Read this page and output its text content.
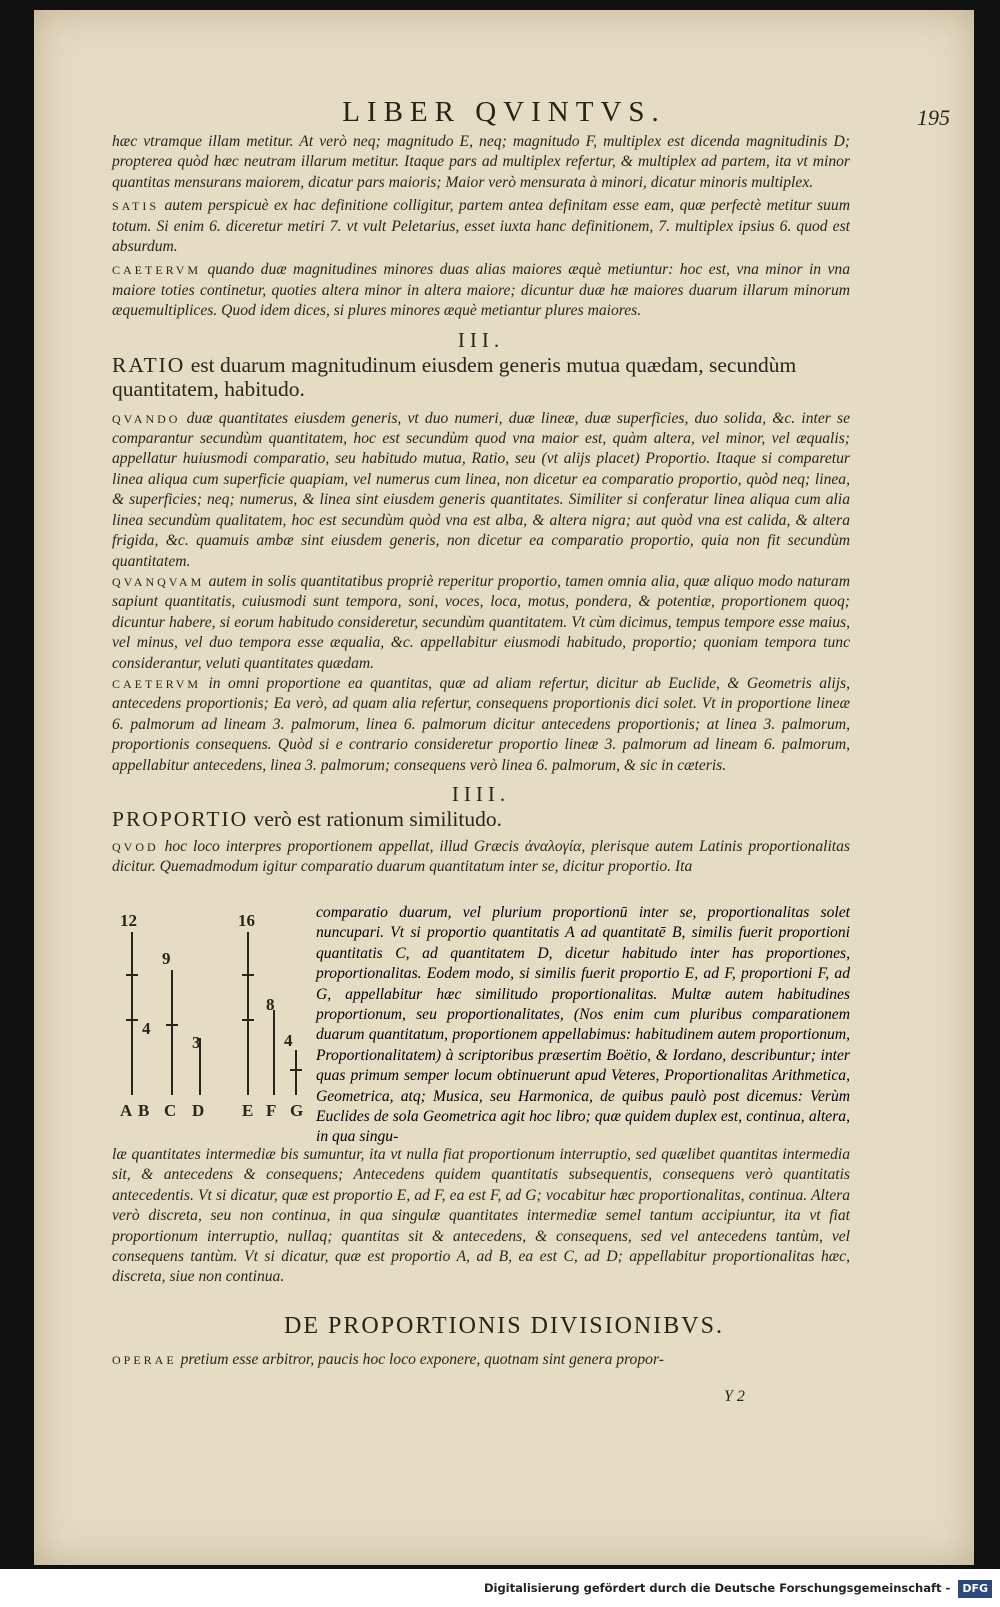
LIBER QVINTVS.	195

hæc vtramque illam metitur. At verò neq; magnitudo E, neq; magnitudo F, multiplex est dicenda magnitudinis D; propterea quòd hæc neutram illarum metitur. Itaque pars ad multiplex refertur, & multiplex ad partem, ita vt minor quantitas mensurans maiorem, dicatur pars maioris; Maior verò mensurata à minori, dicatur minoris multiplex.

SATIS autem perspicuè ex hac definitione colligitur, partem antea definitam esse eam, quæ perfectè metitur suum totum. Si enim 6. diceretur metiri 7. vt vult Peletarius, esset iuxta hanc definitionem, 7. multiplex ipsius 6. quod est absurdum.

CAETERVM quando duæ magnitudines minores duas alias maiores æquè metiuntur: hoc est, vna minor in vna maiore toties continetur, quoties altera minor in altera maiore; dicuntur duæ hæ maiores duarum illarum minorum æquemultiplices. Quod idem dices, si plures minores æquè metiantur plures maiores.

III.

RATIO est duarum magnitudinum eiusdem generis mutua quædam, secundùm quantitatem, habitudo.

QVANDO duæ quantitates eiusdem generis, vt duo numeri, duæ lineæ, duæ superficies, duo solida, &c. inter se comparantur secundùm quantitatem, hoc est secundùm quod vna maior est, quàm altera, vel minor, vel æqualis; appellatur huiusmodi comparatio, seu habitudo mutua, Ratio, seu (vt alijs placet) Proportio. Itaque si comparetur linea aliqua cum superficie quapiam, vel numerus cum linea, non dicetur ea comparatio proportio, quòd neq; linea, & superficies; neq; numerus, & linea sint eiusdem generis quantitates. Similiter si conferatur linea aliqua cum alia linea secundùm qualitatem, hoc est secundùm quòd vna est alba, & altera nigra; aut quòd vna est calida, & altera frigida, &c. quamuis ambæ sint eiusdem generis, non dicetur ea comparatio proportio, quia non fit secundùm quantitatem.

QVANQVAM autem in solis quantitatibus propriè reperitur proportio, tamen omnia alia, quæ aliquo modo naturam sapiunt quantitatis, cuiusmodi sunt tempora, soni, voces, loca, motus, pondera, & potentiæ, proportionem quoq; dicuntur habere, si eorum habitudo consideretur, secundùm quantitatem. Vt cùm dicimus, tempus tempore esse maius, vel minus, vel duo tempora esse æqualia, &c. appellabitur eiusmodi habitudo, proportio; quoniam tempora tunc considerantur, veluti quantitates quædam.

CAETERVM in omni proportione ea quantitas, quæ ad aliam refertur, dicitur ab Euclide, & Geometris alijs, antecedens proportionis; Ea verò, ad quam alia refertur, consequens proportionis dici solet. Vt in proportione lineæ 6. palmorum ad lineam 3. palmorum, linea 6. palmorum dicitur antecedens proportionis; at linea 3. palmorum, proportionis consequens. Quòd si e contrario consideretur proportio lineæ 3. palmorum ad lineam 6. palmorum, appellabitur antecedens, linea 3. palmorum; consequens verò linea 6. palmorum, & sic in cæteris.

IIII.

PROPORTIO verò est rationum similitudo.

QVOD hoc loco interpres proportionem appellat, illud Græcis ἀναλογία, plerisque autem Latinis proportionalitas dicitur. Quemadmodum igitur comparatio duarum quantitatum inter se, dicitur proportio. Ita

12
9
4
3
16
8
4
A B C D E F G

comparatio duarum, vel plurium proportionū inter se, proportionalitas solet nuncupari. Vt si proportio quantitatis A ad quantitatē B, similis fuerit proportioni quantitatis C, ad quantitatem D, dicetur habitudo inter has proportiones, proportionalitas. Eodem modo, si similis fuerit proportio E, ad F, proportioni F, ad G, appellabitur hæc similitudo proportionalitas. Multæ autem habitudines proportionum, seu proportionalitates, (Nos enim cum pluribus comparationem duarum quantitatum, proportionem appellabimus: habitudinem autem proportionum, Proportionalitatem) à scriptoribus præsertim Boëtio, & Iordano, describuntur; inter quas primum semper locum obtinuerunt apud Veteres, Proportionalitas Arithmetica, Geometrica, atq; Musica, seu Harmonica, de quibus paulò post dicemus: Verùm Euclides de sola Geometrica agit hoc libro; quæ quidem duplex est, continua, altera, in qua singu-

læ quantitates intermediæ bis sumuntur, ita vt nulla fiat proportionum interruptio, sed quælibet quantitas intermedia sit, & antecedens & consequens; Antecedens quidem quantitatis subsequentis, consequens verò quantitatis antecedentis. Vt si dicatur, quæ est proportio E, ad F, ea est F, ad G; vocabitur hæc proportionalitas, continua. Altera verò discreta, seu non continua, in qua singulæ quantitates intermediæ semel tantum accipiuntur, ita vt fiat proportionum interruptio, nullaq; quantitas sit & antecedens, & consequens, sed vel antecedens tantùm, vel consequens tantùm. Vt si dicatur, quæ est proportio A, ad B, ea est C, ad D; appellabitur proportionalitas hæc, discreta, siue non continua.

DE PROPORTIONIS DIVISIONIBVS.

OPERAE pretium esse arbitror, paucis hoc loco exponere, quotnam sint genera propor-

Y 2
Digitalisierung gefördert durch die Deutsche Forschungsgemeinschaft - DFG
